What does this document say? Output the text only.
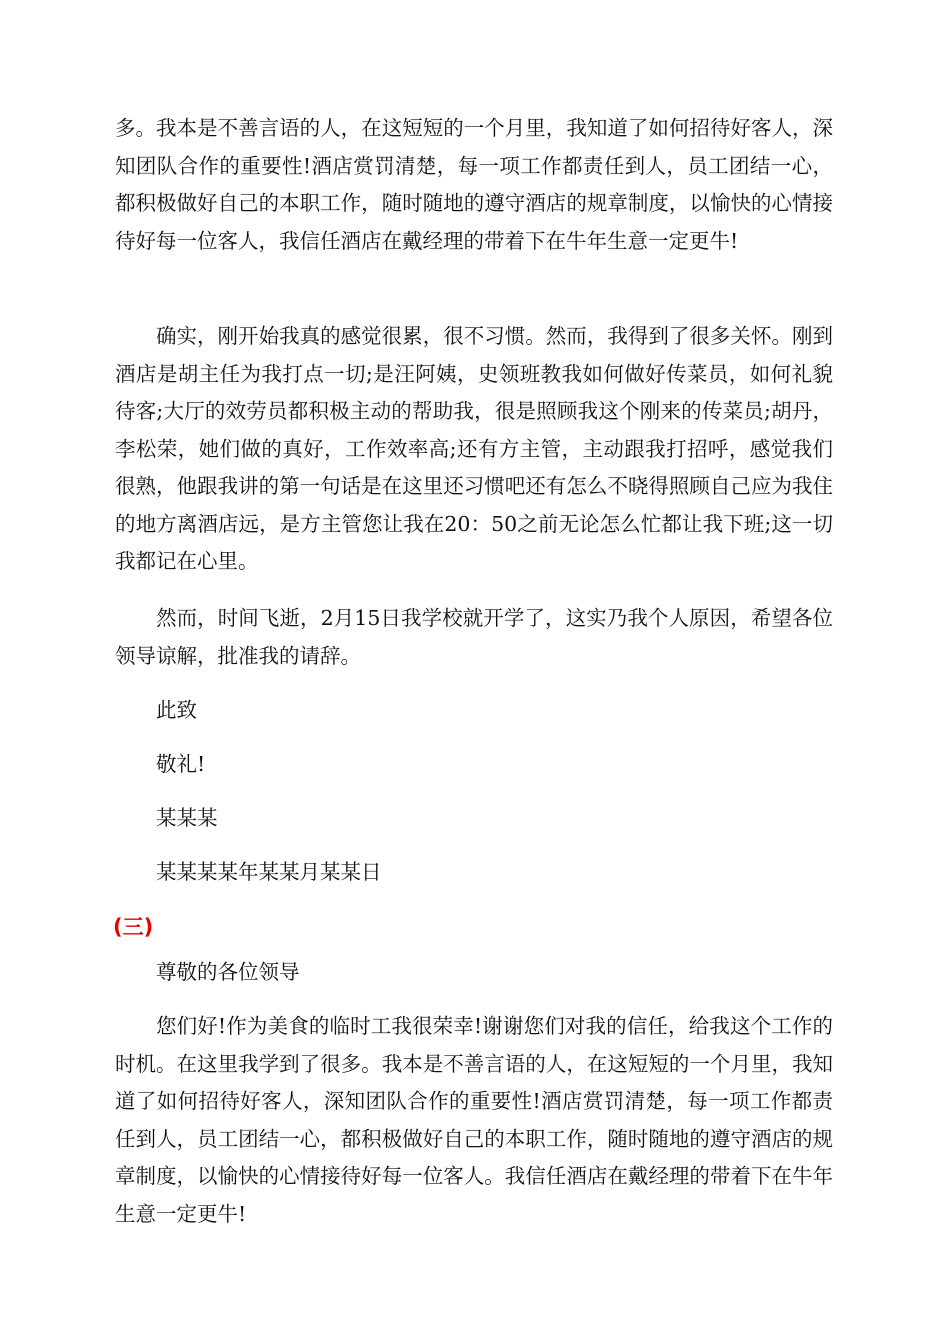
多。我本是不善言语的人，在这短短的一个月里，我知道了如何招待好客人，深知团队合作的重要性!酒店赏罚清楚，每一项工作都责任到人，员工团结一心，都积极做好自己的本职工作，随时随地的遵守酒店的规章制度，以愉快的心情接待好每一位客人，我信任酒店在戴经理的带着下在牛年生意一定更牛!

确实，刚开始我真的感觉很累，很不习惯。然而，我得到了很多关怀。刚到酒店是胡主任为我打点一切;是汪阿姨，史领班教我如何做好传菜员，如何礼貌待客;大厅的效劳员都积极主动的帮助我，很是照顾我这个刚来的传菜员;胡丹，李松荣，她们做的真好，工作效率高;还有方主管，主动跟我打招呼，感觉我们很熟，他跟我讲的第一句话是在这里还习惯吧还有怎么不晓得照顾自己应为我住的地方离酒店远，是方主管您让我在20：50之前无论怎么忙都让我下班;这一切我都记在心里。

然而，时间飞逝，2月15日我学校就开学了，这实乃我个人原因，希望各位领导谅解，批准我的请辞。

此致

敬礼!

某某某

某某某某年某某月某某日

(三)

尊敬的各位领导

您们好!作为美食的临时工我很荣幸!谢谢您们对我的信任，给我这个工作的时机。在这里我学到了很多。我本是不善言语的人，在这短短的一个月里，我知道了如何招待好客人，深知团队合作的重要性!酒店赏罚清楚，每一项工作都责任到人，员工团结一心，都积极做好自己的本职工作，随时随地的遵守酒店的规章制度，以愉快的心情接待好每一位客人。我信任酒店在戴经理的带着下在牛年生意一定更牛!
